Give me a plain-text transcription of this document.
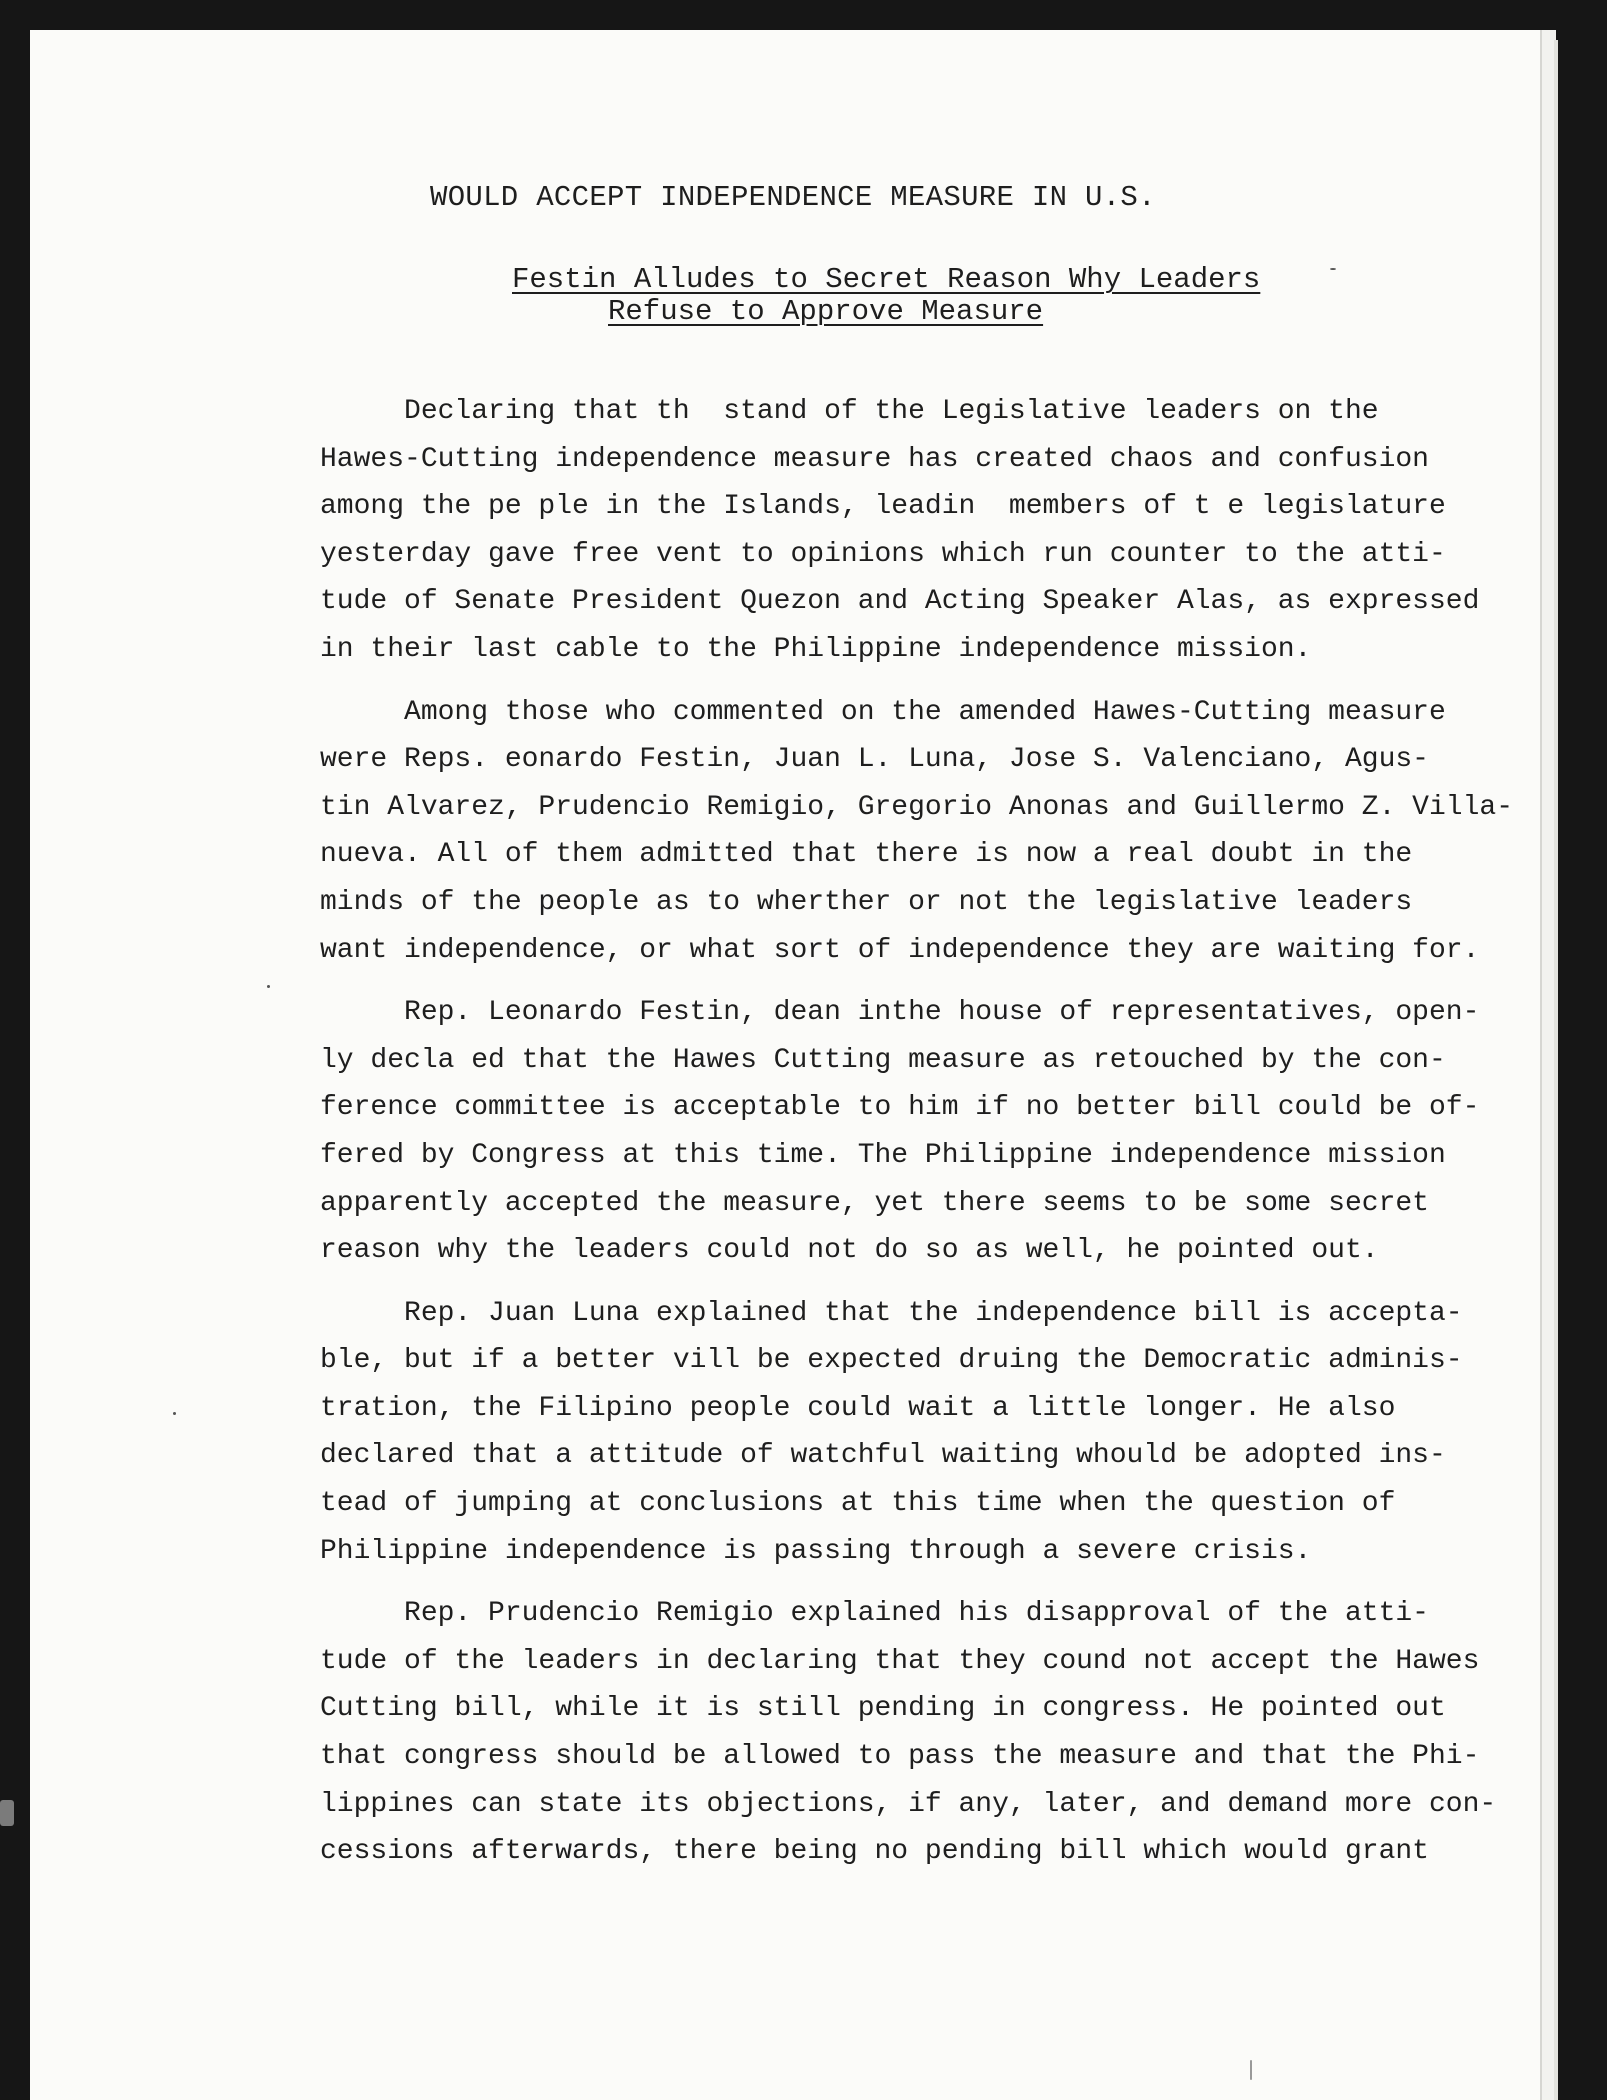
WOULD ACCEPT INDEPENDENCE MEASURE IN U.S.
Festin Alludes to Secret Reason Why Leaders
Refuse to Approve Measure
Declaring that th  stand of the Legislative leaders on the
Hawes-Cutting independence measure has created chaos and confusion
among the pe ple in the Islands, leadin  members of t e legislature
yesterday gave free vent to opinions which run counter to the atti-
tude of Senate President Quezon and Acting Speaker Alas, as expressed
in their last cable to the Philippine independence mission.
Among those who commented on the amended Hawes-Cutting measure
were Reps. eonardo Festin, Juan L. Luna, Jose S. Valenciano, Agus-
tin Alvarez, Prudencio Remigio, Gregorio Anonas and Guillermo Z. Villa-
nueva. All of them admitted that there is now a real doubt in the
minds of the people as to wherther or not the legislative leaders
want independence, or what sort of independence they are waiting for.
Rep. Leonardo Festin, dean inthe house of representatives, open-
ly decla ed that the Hawes Cutting measure as retouched by the con-
ference committee is acceptable to him if no better bill could be of-
fered by Congress at this time. The Philippine independence mission
apparently accepted the measure, yet there seems to be some secret
reason why the leaders could not do so as well, he pointed out.
Rep. Juan Luna explained that the independence bill is accepta-
ble, but if a better vill be expected druing the Democratic adminis-
tration, the Filipino people could wait a little longer. He also
declared that a attitude of watchful waiting whould be adopted ins-
tead of jumping at conclusions at this time when the question of
Philippine independence is passing through a severe crisis.
Rep. Prudencio Remigio explained his disapproval of the atti-
tude of the leaders in declaring that they cound not accept the Hawes
Cutting bill, while it is still pending in congress. He pointed out
that congress should be allowed to pass the measure and that the Phi-
lippines can state its objections, if any, later, and demand more con-
cessions afterwards, there being no pending bill which would grant
